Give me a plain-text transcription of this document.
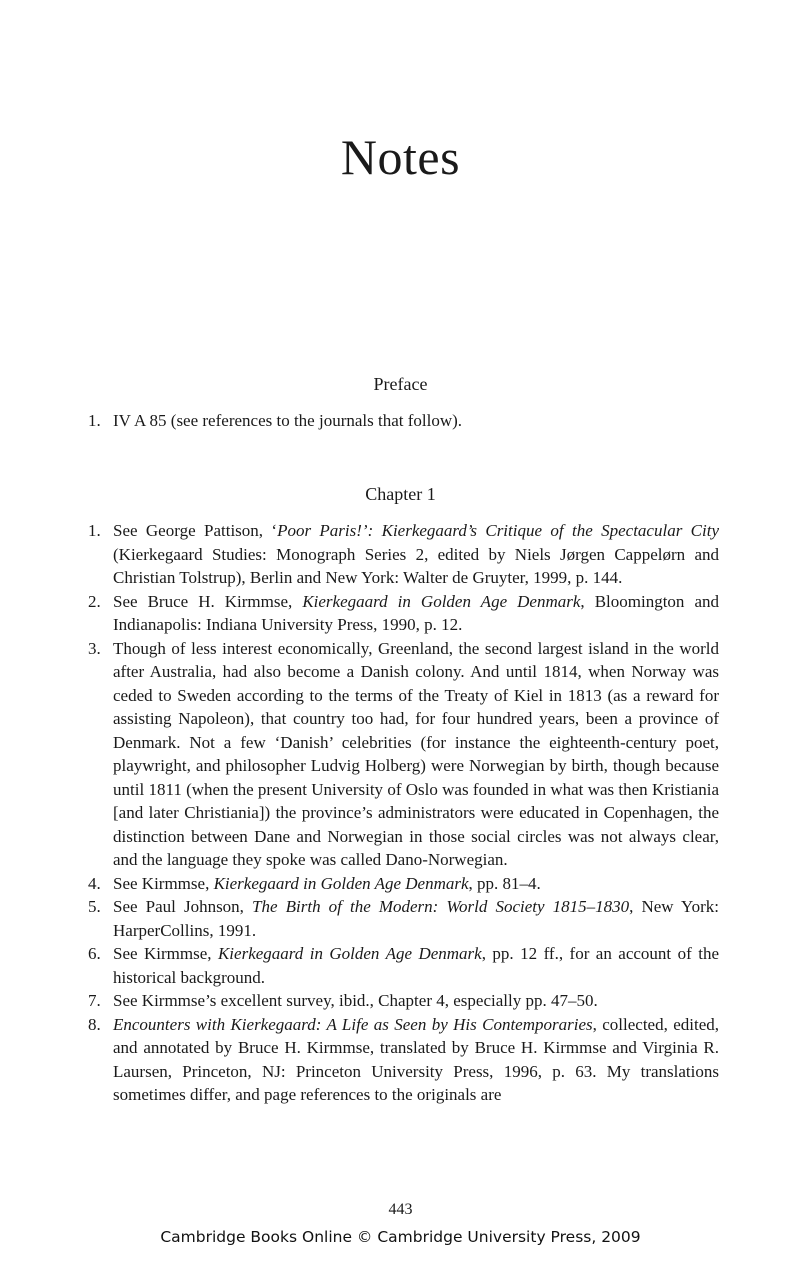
Notes
Preface
1. IV A 85 (see references to the journals that follow).
Chapter 1
1. See George Pattison, ‘Poor Paris!’: Kierkegaard’s Critique of the Spectacular City (Kierkegaard Studies: Monograph Series 2, edited by Niels Jørgen Cappelørn and Christian Tolstrup), Berlin and New York: Walter de Gruyter, 1999, p. 144.
2. See Bruce H. Kirmmse, Kierkegaard in Golden Age Denmark, Bloomington and Indianapolis: Indiana University Press, 1990, p. 12.
3. Though of less interest economically, Greenland, the second largest island in the world after Australia, had also become a Danish colony. And until 1814, when Norway was ceded to Sweden according to the terms of the Treaty of Kiel in 1813 (as a reward for assisting Napoleon), that country too had, for four hundred years, been a province of Denmark. Not a few ‘Danish’ celebrities (for instance the eighteenth-century poet, playwright, and philosopher Ludvig Holberg) were Norwegian by birth, though because until 1811 (when the present University of Oslo was founded in what was then Kristiania [and later Christiania]) the province’s administrators were educated in Copenhagen, the distinction between Dane and Norwegian in those social circles was not always clear, and the language they spoke was called Dano-Norwegian.
4. See Kirmmse, Kierkegaard in Golden Age Denmark, pp. 81–4.
5. See Paul Johnson, The Birth of the Modern: World Society 1815–1830, New York: HarperCollins, 1991.
6. See Kirmmse, Kierkegaard in Golden Age Denmark, pp. 12 ff., for an account of the historical background.
7. See Kirmmse’s excellent survey, ibid., Chapter 4, especially pp. 47–50.
8. Encounters with Kierkegaard: A Life as Seen by His Contemporaries, collected, edited, and annotated by Bruce H. Kirmmse, translated by Bruce H. Kirmmse and Virginia R. Laursen, Princeton, NJ: Princeton University Press, 1996, p. 63. My translations sometimes differ, and page references to the originals are
443
Cambridge Books Online © Cambridge University Press, 2009
